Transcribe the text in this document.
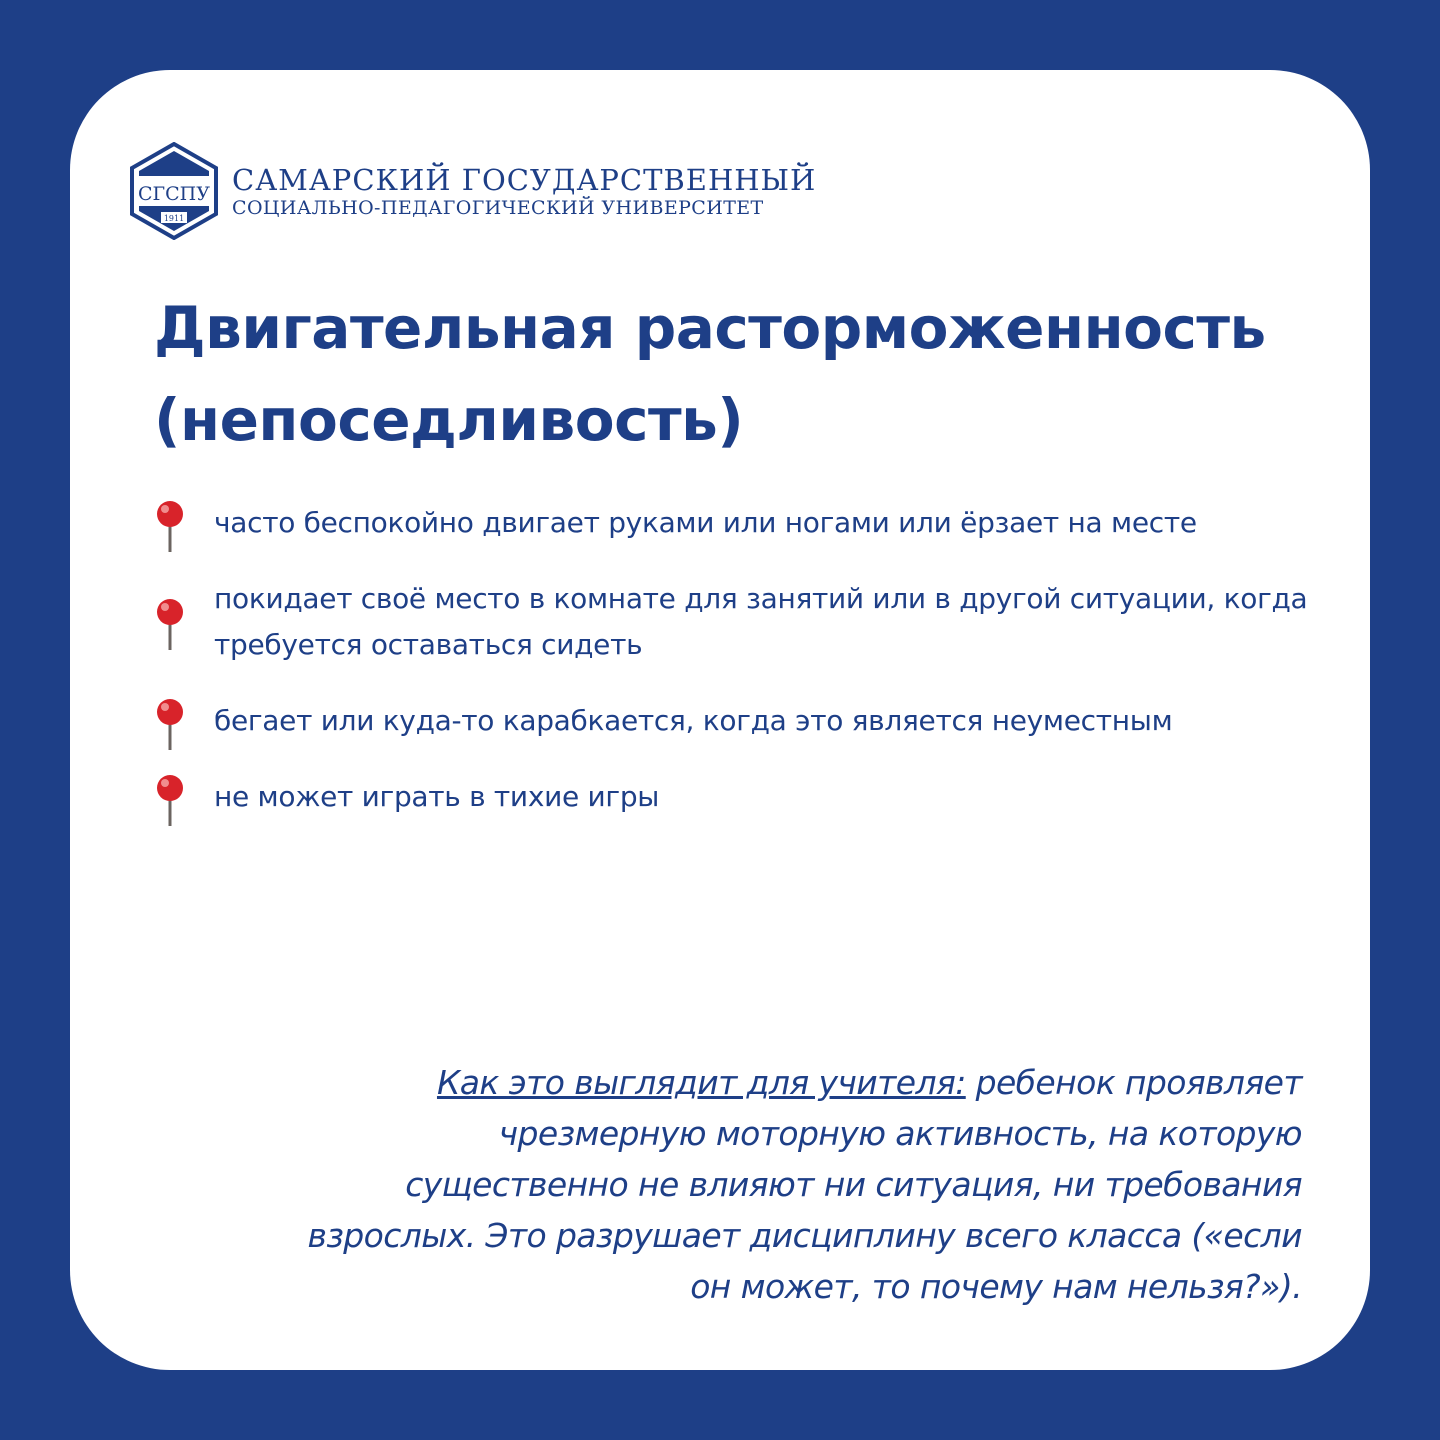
СГСПУ
1911
САМАРСКИЙ ГОСУДАРСТВЕННЫЙ
СОЦИАЛЬНО-ПЕДАГОГИЧЕСКИЙ УНИВЕРСИТЕТ
Двигательная расторможенность
(непоседливость)
часто беспокойно двигает руками или ногами или ёрзает на месте
покидает своё место в комнате для занятий или в другой ситуации, когда требуется оставаться сидеть
бегает или куда-то карабкается, когда это является неуместным
не может играть в тихие игры

Как это выглядит для учителя: ребенок проявляет чрезмерную моторную активность, на которую существенно не влияют ни ситуация, ни требования взрослых. Это разрушает дисциплину всего класса («если он может, то почему нам нельзя?»).
